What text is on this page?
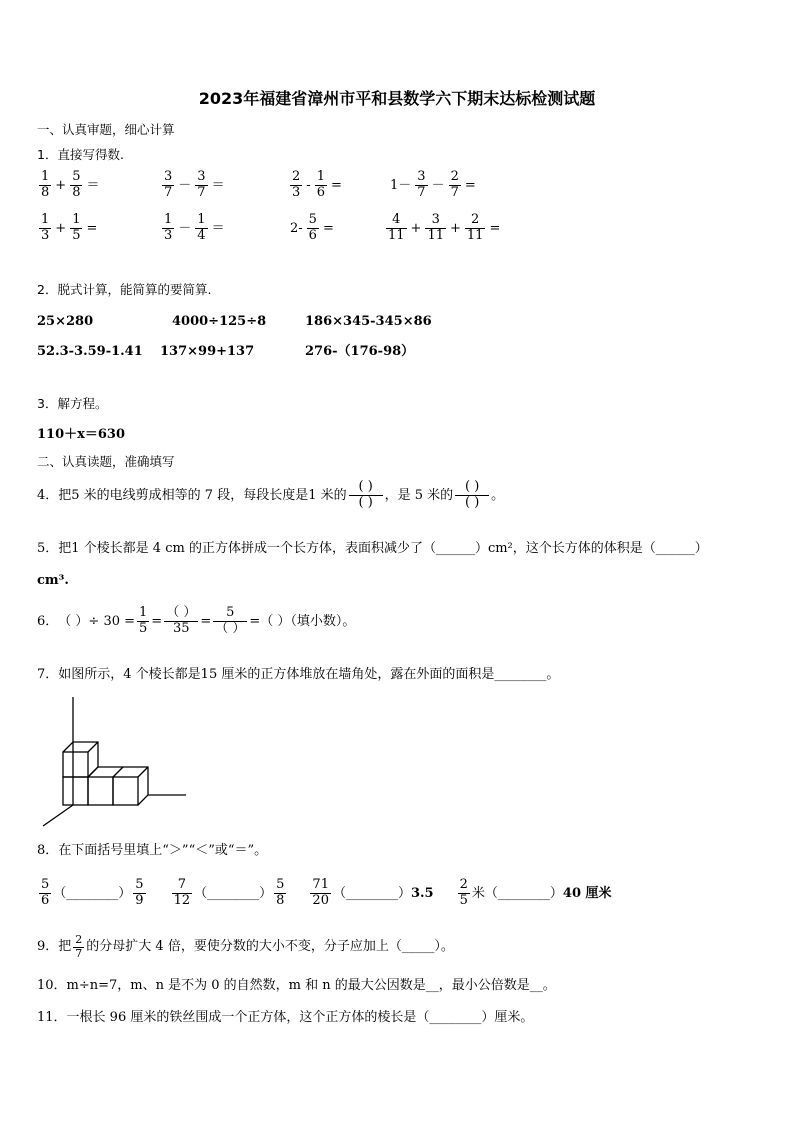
2023年福建省漳州市平和县数学六下期末达标检测试题
一、认真审题，细心计算
1．直接写得数.
$\frac{1}{8} + \frac{5}{8}$ ＝	$\frac{3}{7} - \frac{3}{7}$ ＝	$\frac{2}{3} - \frac{1}{6}$ =	$1- \frac{3}{7} - \frac{2}{7}$ =
$\frac{1}{3} + \frac{1}{5}$ =	$\frac{1}{3} - \frac{1}{4}$ ＝	$2- \frac{5}{6}$ =	$\frac{4}{11} + \frac{3}{11} + \frac{2}{11}$ =
2．脱式计算，能简算的要简算.
25×280	4000÷125÷8	186×345-345×86
52.3-3.59-1.41 137×99+137	276-（176-98）
3．解方程。
110＋x＝630
二、认真读题，准确填写
4．把5 米的电线剪成相等的 7 段，每段长度是1 米的 $\frac{( )}{( )}$ ，是 5 米的 $\frac{( )}{( )}$ 。
5．把1 个棱长都是 4 cm 的正方体拼成一个长方体，表面积减少了（______）cm²，这个长方体的体积是（______）
cm³.
6． （ ）÷ $30 = \frac{1}{5} = \frac{( )}{35} = \frac{5}{( )}$ =（ ）（填小数）。
7．如图所示，4 个棱长都是15 厘米的正方体堆放在墙角处，露在外面的面积是________。
8．在下面括号里填上“＞”“＜”或“＝”。
$\frac{5}{6}$ （________） $\frac{5}{9} \frac{7}{12}$ （________） $\frac{5}{8} \frac{71}{20}$ （________） $3.5 \frac{2}{5}$ 米 （________） 40 厘米
9．把 $\frac{2}{7}$ 的分母扩大 4 倍，要使分数的大小不变，分子应加上（_____）。
10．m÷n=7，m、n 是不为 0 的自然数，m 和 n 的最大公因数是__，最小公倍数是__。
11．一根长 96 厘米的铁丝围成一个正方体，这个正方体的棱长是（________）厘米。
